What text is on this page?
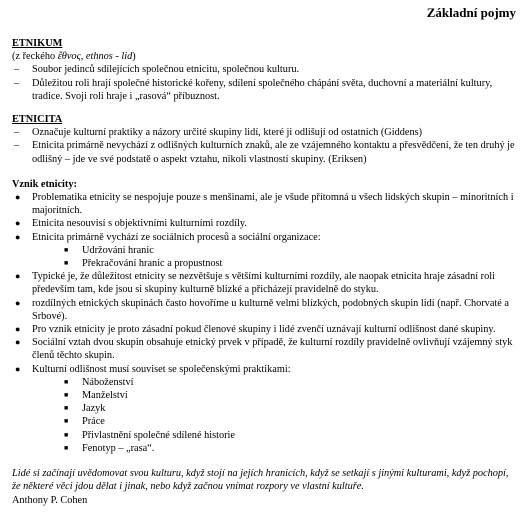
Základní pojmy
ETNIKUM
(z řeckého ἔθνος, ethnos - lid)
– Soubor jedinců sdílejících společnou etnicitu, společnou kulturu.
– Důležitou roli hrají společné historické kořeny, sdílení společného chápání světa, duchovní a materiální kultury, tradice. Svoji roli hraje i „rasová“ příbuznost.
ETNICITA
– Označuje kulturní praktiky a názory určité skupiny lidí, které ji odlišují od ostatních (Giddens)
– Etnicita primárně nevychází z odlišných kulturních znaků, ale ze vzájemného kontaktu a přesvědčení, že ten druhý je odlišný – jde ve své podstatě o aspekt vztahu, nikoli vlastností skupiny. (Eriksen)
Vznik etnicity:
● Problematika etnicity se nespojuje pouze s menšinami, ale je všude přítomná u všech lidských skupin – minoritních i majoritních.
● Etnicita nesouvisí s objektivními kulturními rozdíly.
● Etnicita primárně vychází ze sociálních procesů a sociální organizace:
■ Udržování hranic
■ Překračování hranic a propustnost
● Typické je, že důležitost etnicity se nezvětšuje s většími kulturními rozdíly, ale naopak etnicita hraje zásadní roli především tam, kde jsou si skupiny kulturně blízké a přicházejí pravidelně do styku.
● rozdílných etnických skupinách často hovoříme u kulturně velmi blízkých, podobných skupin lidí (např. Chorvaté a Srbové).
● Pro vznik etnicity je proto zásadní pokud členové skupiny i lidé zvenčí uznávají kulturní odlišnost dané skupiny.
● Sociální vztah dvou skupin obsahuje etnický prvek v případě, že kulturní rozdíly pravidelně ovlivňují vzájemný styk členů těchto skupin.
● Kulturní odlišnost musí souviset se společenskými praktikami:
■ Náboženství
■ Manželství
■ Jazyk
■ Práce
■ Přivlastnění společné sdílené historie
■ Fenotyp – „rasa“.
Lidé si začínají uvědomovat svou kulturu, když stojí na jejích hranicích, když se setkají s jinými kulturami, když pochopí, že některé věci jdou dělat i jinak, nebo když začnou vnímat rozpory ve vlastní kultuře.
Anthony P. Cohen
